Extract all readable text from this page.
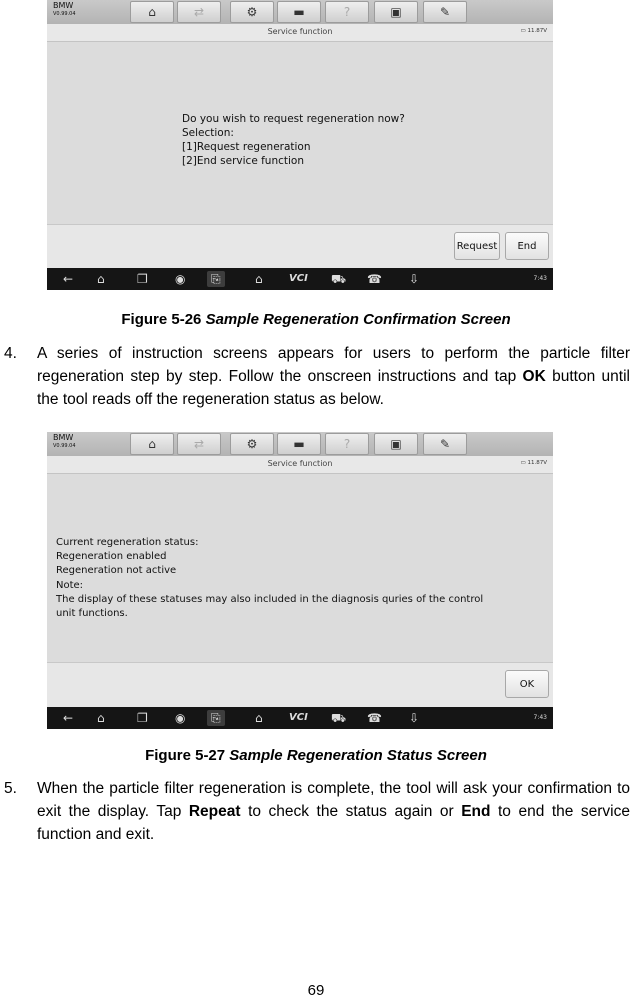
BMW
V0.99.04	⌂	⇄	⚙	▬	?	▣	✎
Service function	▭ 11.87V
Do you wish to request regeneration now?
Selection:
[1]Request regeneration
[2]End service function
Request	End
← ⌂	❐ ◉	⎘	⌂	VCI ⛟ ☎ ⇩	7:43
Figure 5-26 Sample Regeneration Confirmation Screen
4. A series of instruction screens appears for users to perform the particle filter regeneration step by step. Follow the onscreen instructions and tap OK button until the tool reads off the regeneration status as below.
BMW
V0.99.04	⌂	⇄	⚙	▬	?	▣	✎
Service function	▭ 11.87V
Current regeneration status:
Regeneration enabled
Regeneration not active
Note:
The display of these statuses may also included in the diagnosis quries of the control
unit functions.
OK
← ⌂	❐ ◉	⎘	⌂	VCI ⛟ ☎ ⇩	7:43
Figure 5-27 Sample Regeneration Status Screen
5. When the particle filter regeneration is complete, the tool will ask your confirmation to exit the display. Tap Repeat to check the status again or End to end the service function and exit.
69
